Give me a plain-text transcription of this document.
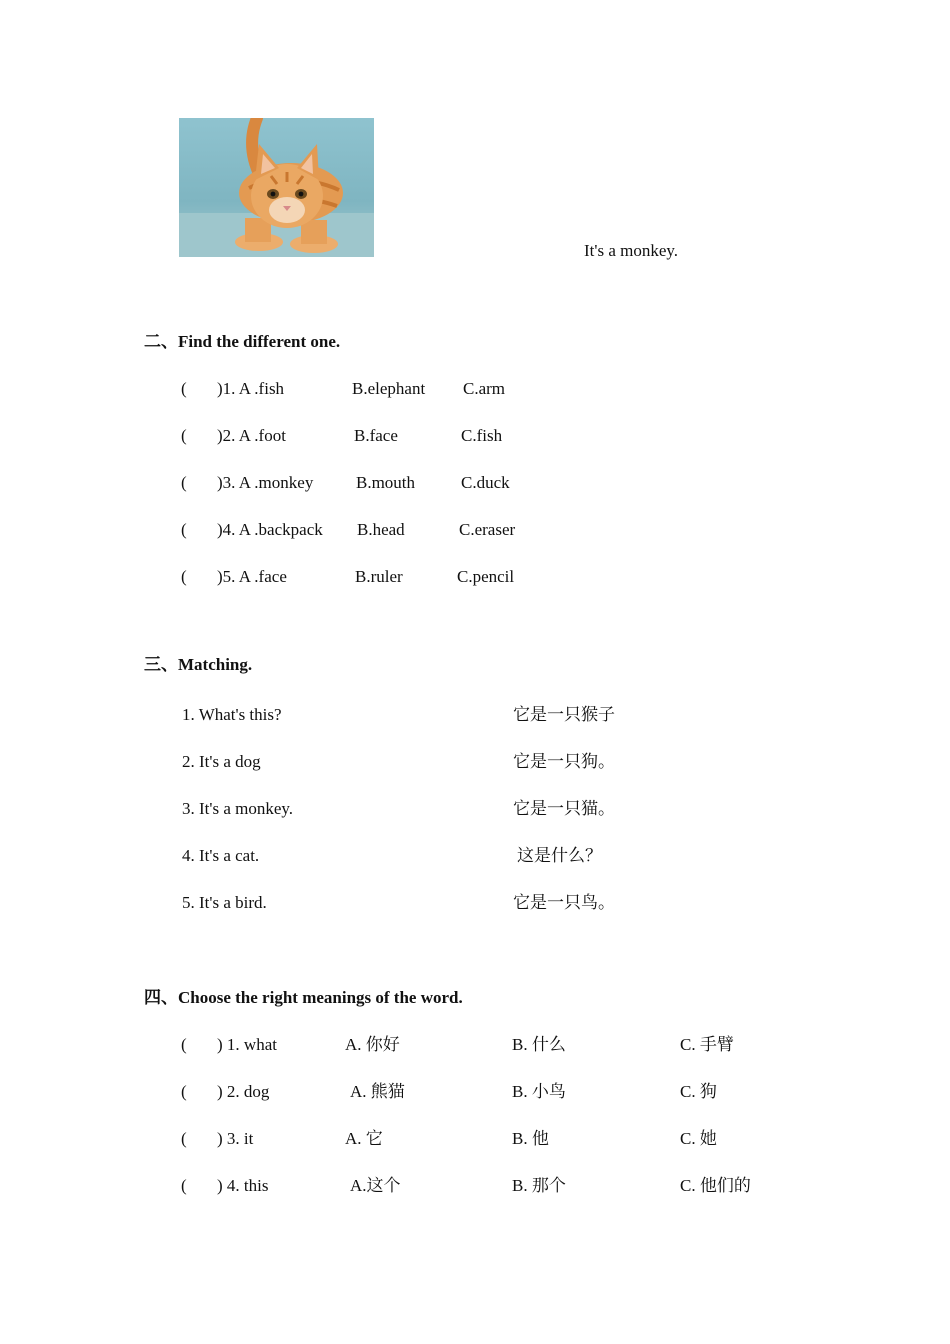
It's a monkey.
二、Find the different one.
( )1. A .fish	B.elephant C.arm
( )2. A .foot	B.face	C.fish
( )3. A .monkey	B.mouth	C.duck
( )4. A .backpack B.head	C.eraser
( )5. A .face	B.ruler	C.pencil
三、Matching.
1. What's this?	它是一只猴子
2. It's a dog	它是一只狗。
3. It's a monkey.	它是一只猫。
4. It's a cat.	这是什么？
5. It's a bird.	它是一只鸟。
四、Choose the right meanings of the word.
( ) 1. what	A. 你好	B. 什么	C. 手臂
( ) 2. dog	A. 熊猫	B. 小鸟	C. 狗
( ) 3. it	A. 它	B. 他	C. 她
( ) 4. this	A.这个	B. 那个	C. 他们的
